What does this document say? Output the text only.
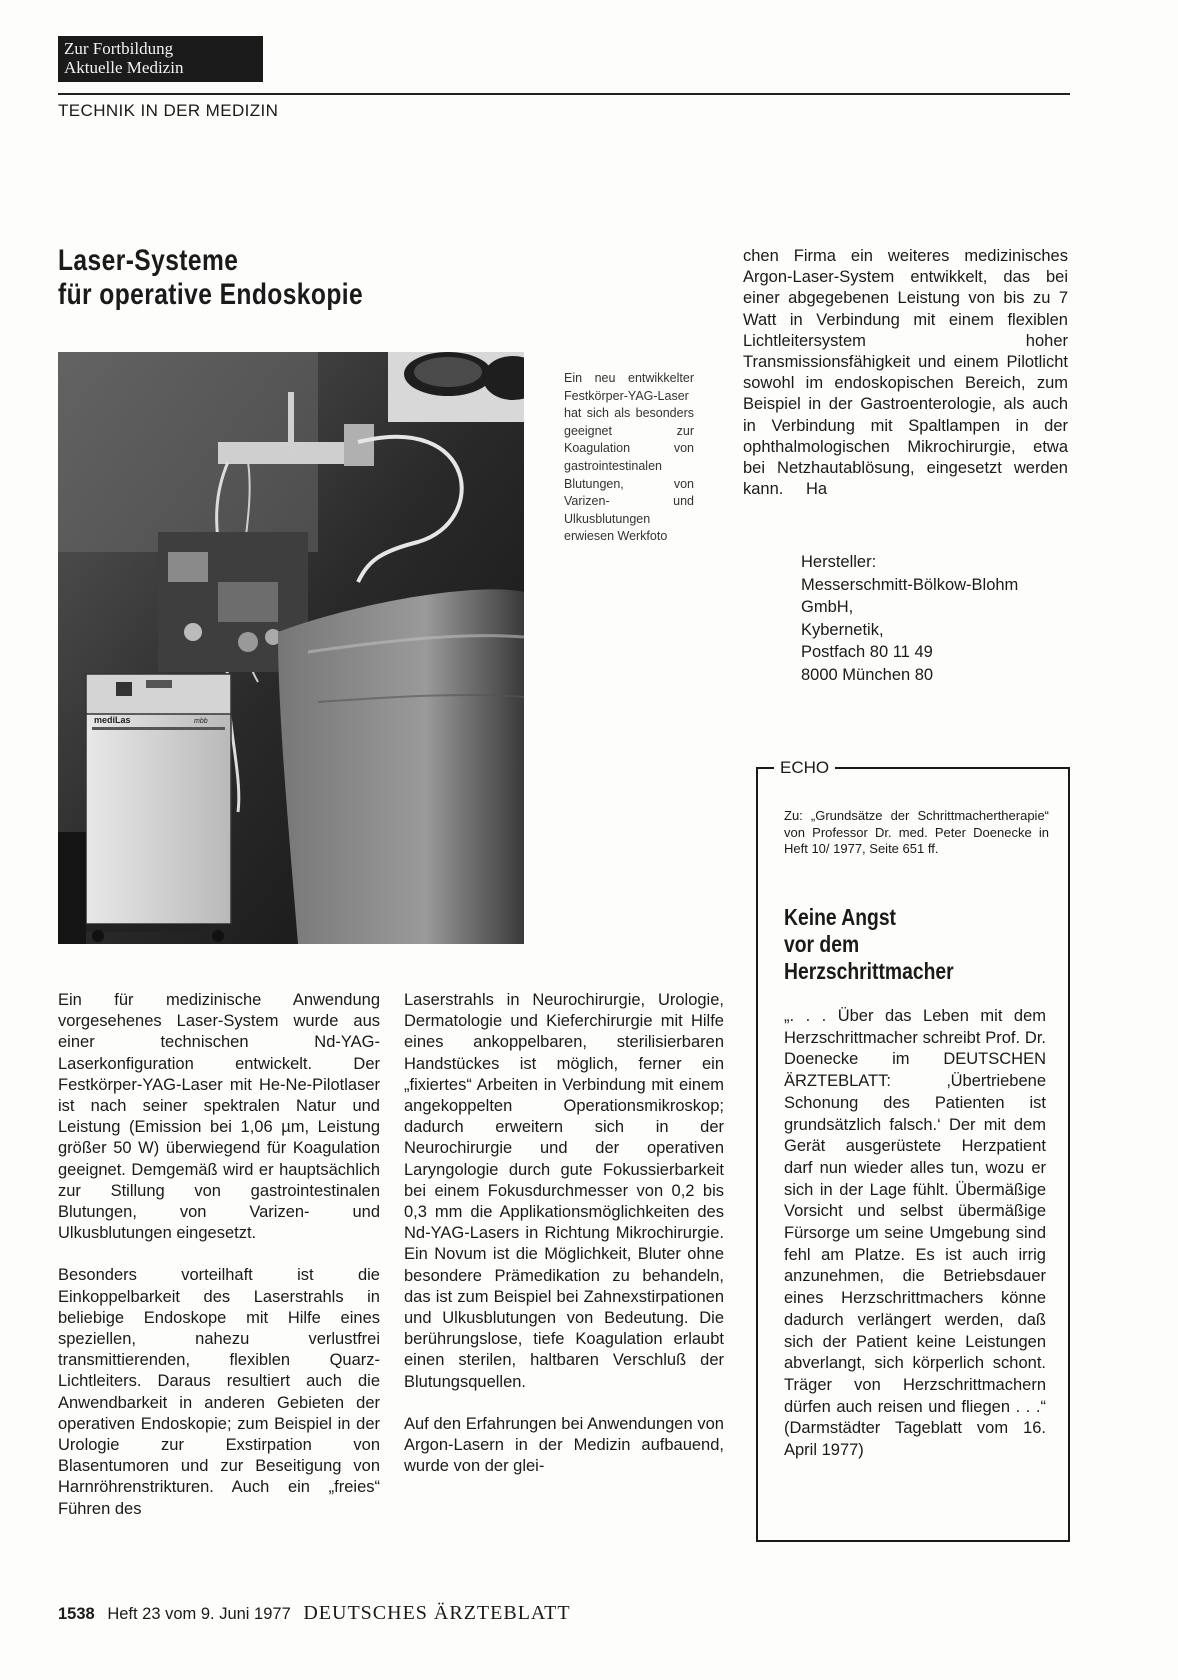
Zur Fortbildung
Aktuelle Medizin
TECHNIK IN DER MEDIZIN
Laser-Systeme
für operative Endoskopie
mediLas	mbb
Ein neu entwikkelter Festkörper-YAG-Laser hat sich als besonders geeignet zur Koagulation von gastrointestinalen Blutungen, von Varizen- und Ulkusblutungen erwiesen Werkfoto

Ein für medizinische Anwendung vorgesehenes Laser-System wurde aus einer technischen Nd-YAG-Laserkonfiguration entwickelt. Der Festkörper-YAG-Laser mit He-Ne-Pilotlaser ist nach seiner spektralen Natur und Leistung (Emission bei 1,06 µm, Leistung größer 50 W) überwiegend für Koagulation geeignet. Demgemäß wird er hauptsächlich zur Stillung von gastrointestinalen Blutungen, von Varizen- und Ulkusblutungen eingesetzt.

Besonders vorteilhaft ist die Einkoppelbarkeit des Laserstrahls in beliebige Endoskope mit Hilfe eines speziellen, nahezu verlustfrei transmittierenden, flexiblen Quarz-Lichtleiters. Daraus resultiert auch die Anwendbarkeit in anderen Gebieten der operativen Endoskopie; zum Beispiel in der Urologie zur Exstirpation von Blasentumoren und zur Beseitigung von Harnröhrenstrikturen. Auch ein „freies“ Führen des

Laserstrahls in Neurochirurgie, Urologie, Dermatologie und Kieferchirurgie mit Hilfe eines ankoppelbaren, sterilisierbaren Handstückes ist möglich, ferner ein „fixiertes“ Arbeiten in Verbindung mit einem angekoppelten Operationsmikroskop; dadurch erweitern sich in der Neurochirurgie und der operativen Laryngologie durch gute Fokussierbarkeit bei einem Fokusdurchmesser von 0,2 bis 0,3 mm die Applikationsmöglichkeiten des Nd-YAG-Lasers in Richtung Mikrochirurgie. Ein Novum ist die Möglichkeit, Bluter ohne besondere Prämedikation zu behandeln, das ist zum Beispiel bei Zahnexstirpationen und Ulkusblutungen von Bedeutung. Die berührungslose, tiefe Koagulation erlaubt einen sterilen, haltbaren Verschluß der Blutungsquellen.

Auf den Erfahrungen bei Anwendungen von Argon-Lasern in der Medizin aufbauend, wurde von der glei-

chen Firma ein weiteres medizinisches Argon-Laser-System entwikkelt, das bei einer abgegebenen Leistung von bis zu 7 Watt in Verbindung mit einem flexiblen Lichtleitersystem hoher Transmissionsfähigkeit und einem Pilotlicht sowohl im endoskopischen Bereich, zum Beispiel in der Gastroenterologie, als auch in Verbindung mit Spaltlampen in der ophthalmologischen Mikrochirurgie, etwa bei Netzhautablösung, eingesetzt werden kann. Ha

Hersteller:
Messerschmitt-Bölkow-Blohm
GmbH,
Kybernetik,
Postfach 80 11 49
8000 München 80
ECHO
Zu: „Grundsätze der Schrittmachertherapie“ von Professor Dr. med. Peter Doenecke in Heft 10/ 1977, Seite 651 ff.
Keine Angst
vor dem
Herzschrittmacher
„. . . Über das Leben mit dem Herzschrittmacher schreibt Prof. Dr. Doenecke im DEUTSCHEN ÄRZTEBLATT: ‚Übertriebene Schonung des Patienten ist grundsätzlich falsch.‘ Der mit dem Gerät ausgerüstete Herzpatient darf nun wieder alles tun, wozu er sich in der Lage fühlt. Übermäßige Vorsicht und selbst übermäßige Fürsorge um seine Umgebung sind fehl am Platze. Es ist auch irrig anzunehmen, die Betriebsdauer eines Herzschrittmachers könne dadurch verlängert werden, daß sich der Patient keine Leistungen abverlangt, sich körperlich schont. Träger von Herzschrittmachern dürfen auch reisen und fliegen . . .“ (Darmstädter Tageblatt vom 16. April 1977)
1538 Heft 23 vom 9. Juni 1977 DEUTSCHES ÄRZTEBLATT
